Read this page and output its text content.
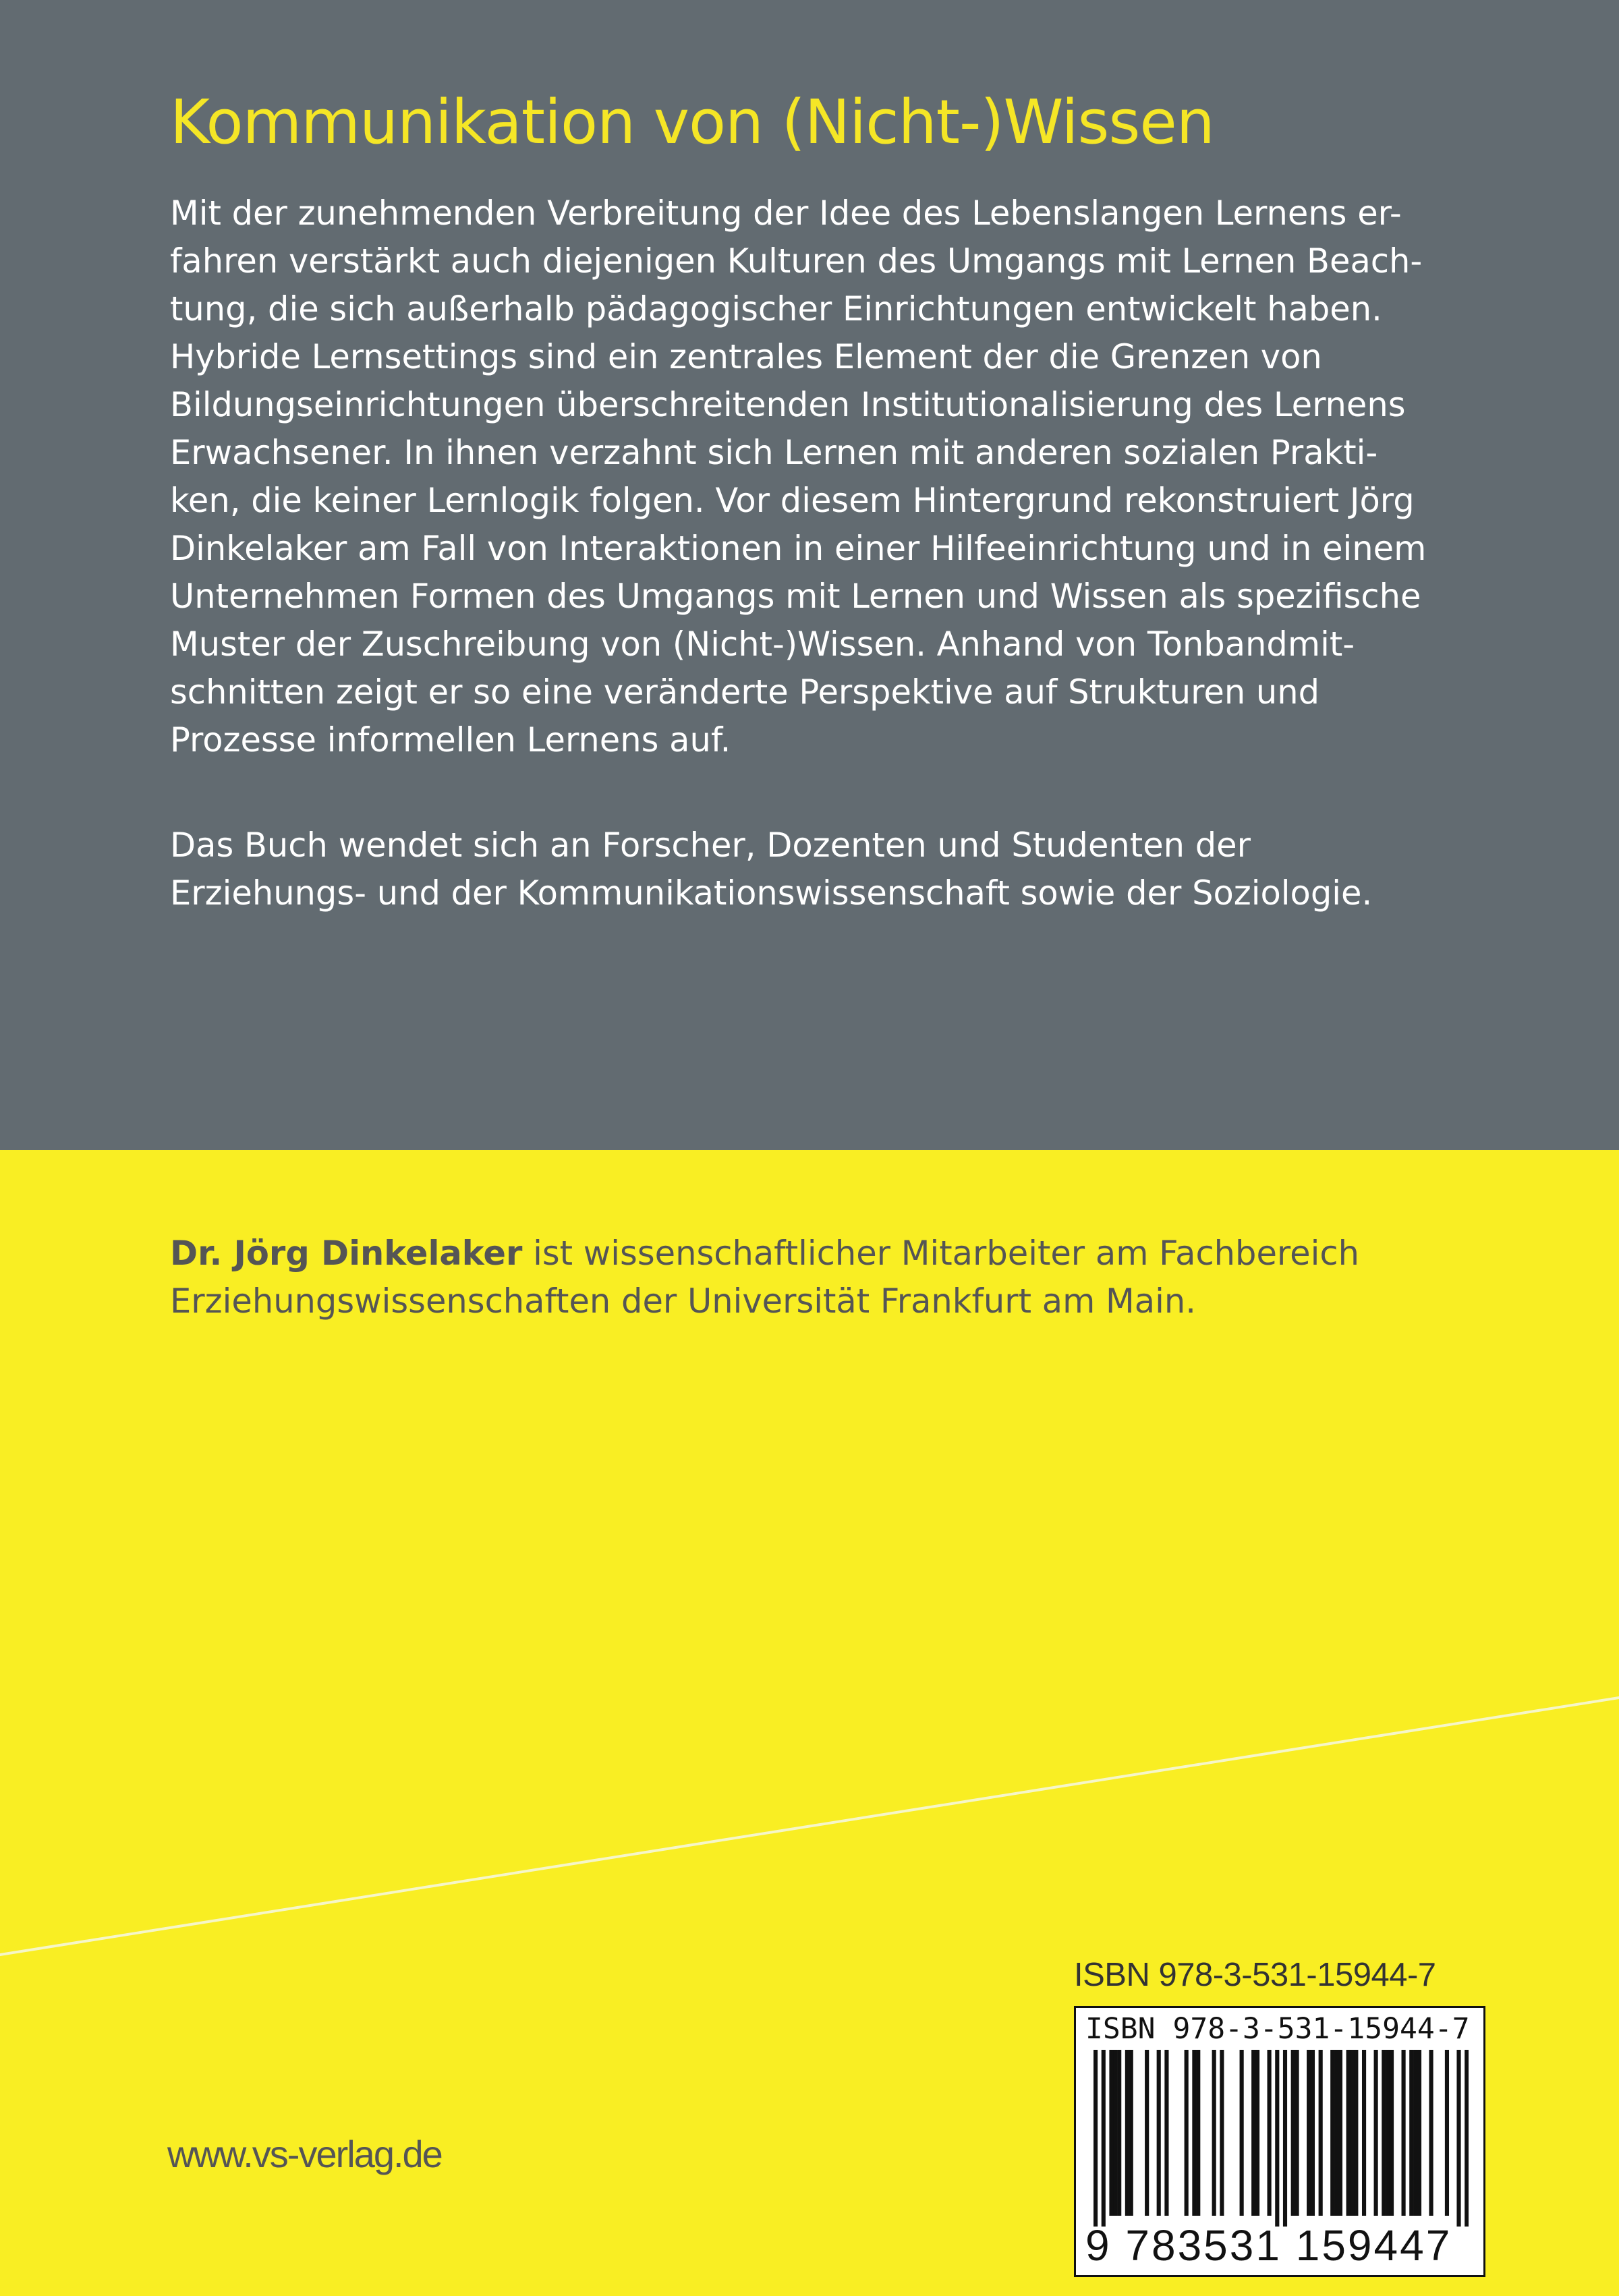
Kommunikation von (Nicht-)Wissen
Mit der zunehmenden Verbreitung der Idee des Lebenslangen Lernens er-
fahren verstärkt auch diejenigen Kulturen des Umgangs mit Lernen Beach-
tung, die sich außerhalb pädagogischer Einrichtungen entwickelt haben.
Hybride Lernsettings sind ein zentrales Element der die Grenzen von
Bildungseinrichtungen überschreitenden Institutionalisierung des Lernens
Erwachsener. In ihnen verzahnt sich Lernen mit anderen sozialen Prakti-
ken, die keiner Lernlogik folgen. Vor diesem Hintergrund rekonstruiert Jörg
Dinkelaker am Fall von Interaktionen in einer Hilfeeinrichtung und in einem
Unternehmen Formen des Umgangs mit Lernen und Wissen als spezifische
Muster der Zuschreibung von (Nicht-)Wissen. Anhand von Tonbandmit-
schnitten zeigt er so eine veränderte Perspektive auf Strukturen und
Prozesse informellen Lernens auf.
Das Buch wendet sich an Forscher, Dozenten und Studenten der
Erziehungs- und der Kommunikationswissenschaft sowie der Soziologie.
Dr. Jörg Dinkelaker ist wissenschaftlicher Mitarbeiter am Fachbereich
Erziehungswissenschaften der Universität Frankfurt am Main.
ISBN 978-3-531-15944-7
ISBN 978-3-531-15944-7
9 783531 159447
www.vs-verlag.de
